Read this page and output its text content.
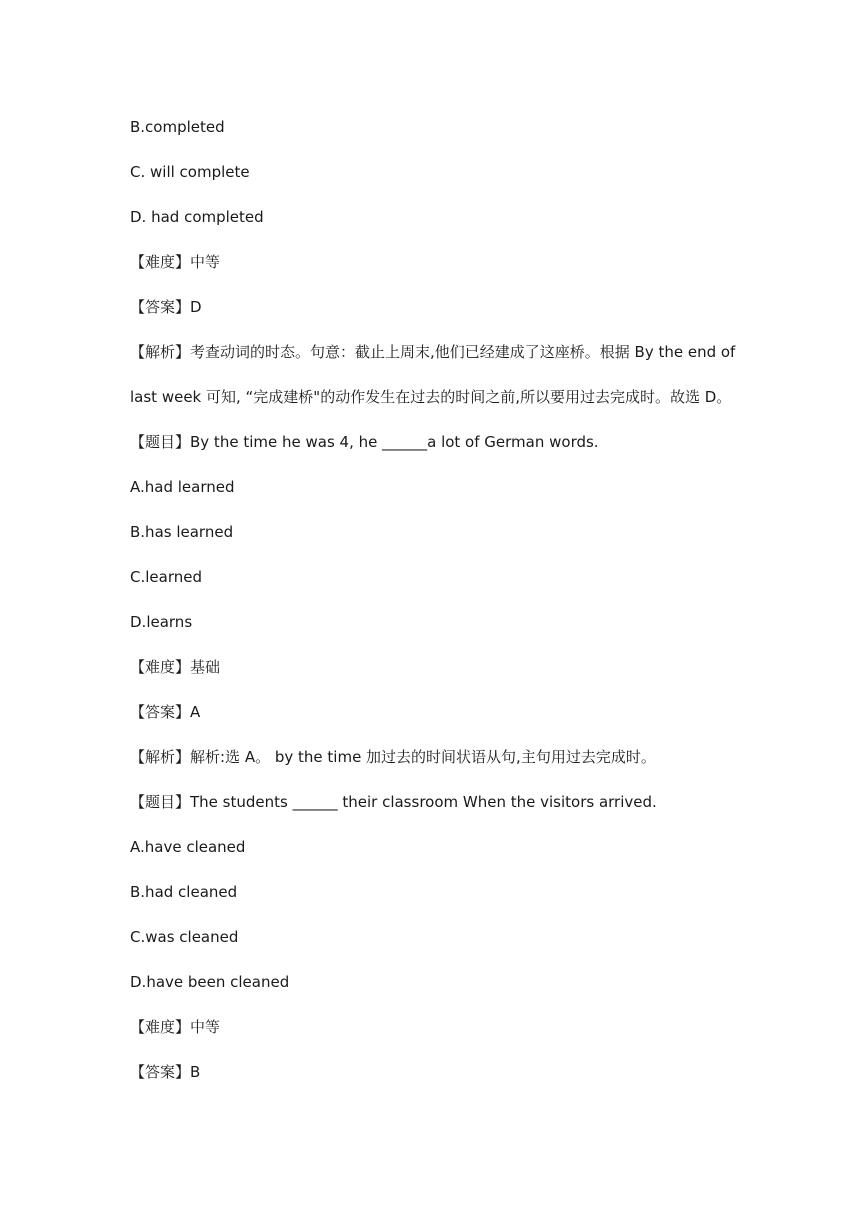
B.completed
C. will complete
D. had completed
【难度】中等
【答案】D
【解析】考查动词的时态。句意：截止上周末,他们已经建成了这座桥。根据 By the end of
last week 可知, “完成建桥"的动作发生在过去的时间之前,所以要用过去完成时。故选 D。
【题目】By the time he was 4, he ______a lot of German words.
A.had learned
B.has learned
C.learned
D.learns
【难度】基础
【答案】A
【解析】解析:选 A。 by the time 加过去的时间状语从句,主句用过去完成时。
【题目】The students ______ their classroom When the visitors arrived.
A.have cleaned
B.had cleaned
C.was cleaned
D.have been cleaned
【难度】中等
【答案】B
